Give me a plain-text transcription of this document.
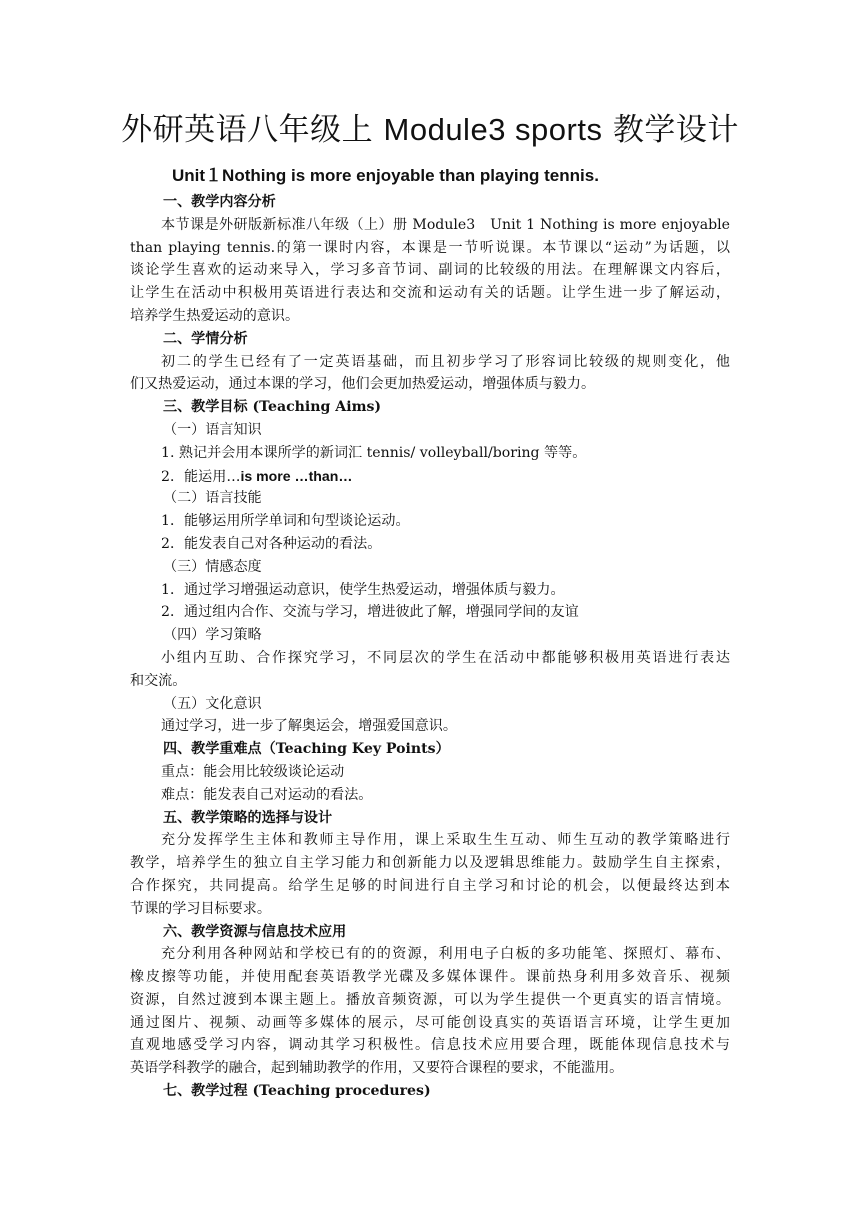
外研英语八年级上 Module3 sports 教学设计
Unit１Nothing is more enjoyable than playing tennis.
一、教学内容分析
本节课是外研版新标准八年级（上）册 Module3　Unit 1 Nothing is more enjoyable
than playing tennis.的第一课时内容，本课是一节听说课。本节课以“运动”为话题，以
谈论学生喜欢的运动来导入，学习多音节词、副词的比较级的用法。在理解课文内容后，
让学生在活动中积极用英语进行表达和交流和运动有关的话题。让学生进一步了解运动，
培养学生热爱运动的意识。
二、学情分析
初二的学生已经有了一定英语基础，而且初步学习了形容词比较级的规则变化，他
们又热爱运动，通过本课的学习，他们会更加热爱运动，增强体质与毅力。
三、教学目标 (Teaching Aims)
（一）语言知识
1. 熟记并会用本课所学的新词汇 tennis/ volleyball/boring 等等。
2．能运用…is more …than…
（二）语言技能
1．能够运用所学单词和句型谈论运动。
2．能发表自己对各种运动的看法。
（三）情感态度
1．通过学习增强运动意识，使学生热爱运动，增强体质与毅力。
2．通过组内合作、交流与学习，增进彼此了解，增强同学间的友谊
（四）学习策略
小组内互助、合作探究学习，不同层次的学生在活动中都能够积极用英语进行表达
和交流。
（五）文化意识
通过学习，进一步了解奥运会，增强爱国意识。
四、教学重难点（Teaching Key Points）
重点：能会用比较级谈论运动
难点：能发表自己对运动的看法。
五、教学策略的选择与设计
充分发挥学生主体和教师主导作用，课上采取生生互动、师生互动的教学策略进行
教学，培养学生的独立自主学习能力和创新能力以及逻辑思维能力。鼓励学生自主探索，
合作探究，共同提高。给学生足够的时间进行自主学习和讨论的机会，以便最终达到本
节课的学习目标要求。
六、教学资源与信息技术应用
充分利用各种网站和学校已有的的资源，利用电子白板的多功能笔、探照灯、幕布、
橡皮擦等功能，并使用配套英语教学光碟及多媒体课件。课前热身利用多效音乐、视频
资源，自然过渡到本课主题上。播放音频资源，可以为学生提供一个更真实的语言情境。
通过图片、视频、动画等多媒体的展示，尽可能创设真实的英语语言环境，让学生更加
直观地感受学习内容，调动其学习积极性。信息技术应用要合理，既能体现信息技术与
英语学科教学的融合，起到辅助教学的作用，又要符合课程的要求，不能滥用。
七、教学过程 (Teaching procedures)
